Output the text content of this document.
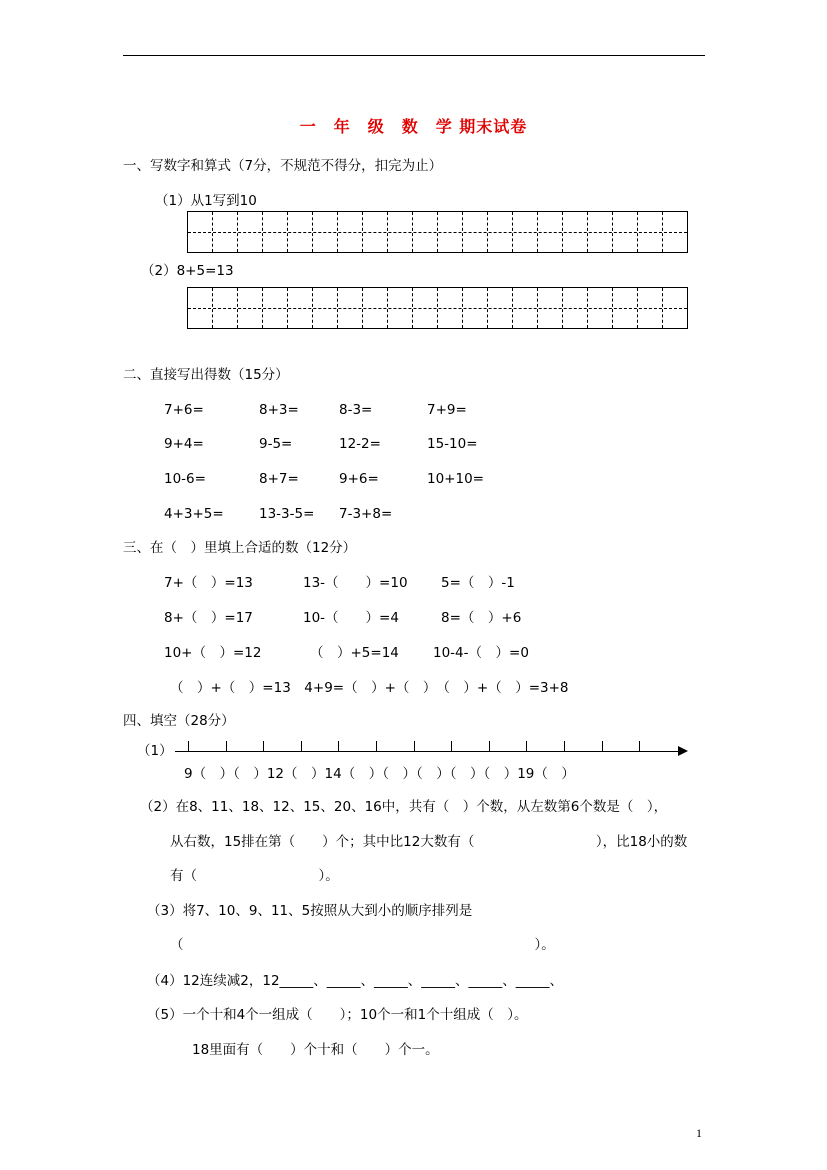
一　年　级　数　学 期末试卷
一、写数字和算式（7分，不规范不得分，扣完为止）
（1）从1写到10
（2）8+5=13
二、直接写出得数（15分）
7+6=	8+3=	8-3=	7+9=
9+4=	9-5=	12-2=	15-10=
10-6=	8+7=	9+6=	10+10=
4+3+5=	13-3-5= 7-3+8=
三、在（　）里填上合适的数（12分）
7+（　）=13	13-（　　）=10 5=（　）-1
8+（　）=17	10-（　　）=4	8=（　）+6
10+（　）=12	（　）+5=14	10-4-（　）=0
（　）+（　）=13　4+9=（　）+（　）　（　）+（　）=3+8
四、填空（28分）
（1）
9（　）（　）12（　）14（　）（　）（　）（　）（　）19（　）
（2）在8、11、18、12、15、20、16中，共有（　）个数，从左数第6个数是（　），
从右数，15排在第（　　）个；其中比12大数有（　　　　　　　　　），比18小的数
有（　　　　　　　　　）。
（3）将7、10、9、11、5按照从大到小的顺序排列是
（　　　　　　　　　　　　　　　　　　　　　　　　　　）。
（4）12连续减2，12_____、_____、_____、_____、_____、_____、
（5）一个十和4个一组成（　　）；10个一和1个十组成（　）。
18里面有（　　）个十和（　　）个一。
1
